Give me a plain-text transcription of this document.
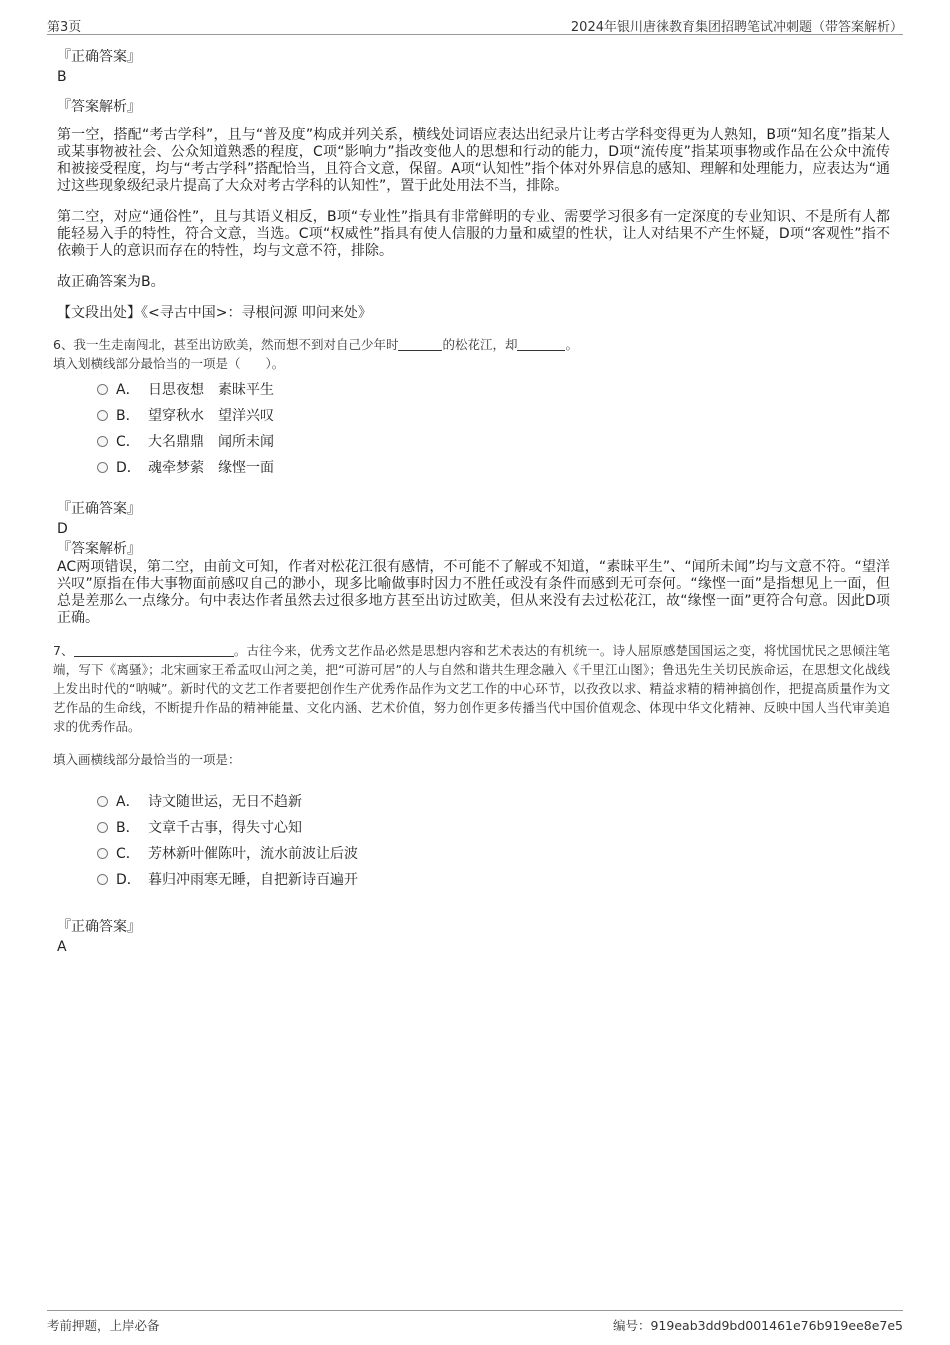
第3页	2024年银川唐徕教育集团招聘笔试冲刺题（带答案解析）

『正确答案』

B

『答案解析』

第一空，搭配“考古学科”，且与“普及度”构成并列关系，横线处词语应表达出纪录片让考古学科变得更为人熟知，B项“知名度”指某人或某事物被社会、公众知道熟悉的程度，C项“影响力”指改变他人的思想和行动的能力，D项“流传度”指某项事物或作品在公众中流传和被接受程度，均与“考古学科”搭配恰当，且符合文意，保留。A项“认知性”指个体对外界信息的感知、理解和处理能力，应表达为“通过这些现象级纪录片提高了大众对考古学科的认知性”，置于此处用法不当，排除。

第二空，对应“通俗性”，且与其语义相反，B项“专业性”指具有非常鲜明的专业、需要学习很多有一定深度的专业知识、不是所有人都能轻易入手的特性，符合文意，当选。C项“权威性”指具有使人信服的力量和威望的性状，让人对结果不产生怀疑，D项“客观性”指不依赖于人的意识而存在的特性，均与文意不符，排除。

故正确答案为B。

【文段出处】《<寻古中国>：寻根问源 叩问来处》

6、我一生走南闯北，甚至出访欧美，然而想不到对自己少年时	的松花江，却	。

填入划横线部分最恰当的一项是（　　）。

A． 日思夜想　素昧平生
B． 望穿秋水　望洋兴叹
C． 大名鼎鼎　闻所未闻
D． 魂牵梦萦　缘悭一面

『正确答案』

D

『答案解析』

AC两项错误，第二空，由前文可知，作者对松花江很有感情，不可能不了解或不知道，“素昧平生”、“闻所未闻”均与文意不符。“望洋兴叹”原指在伟大事物面前感叹自己的渺小，现多比喻做事时因力不胜任或没有条件而感到无可奈何。“缘悭一面”是指想见上一面，但总是差那么一点缘分。句中表达作者虽然去过很多地方甚至出访过欧美，但从来没有去过松花江，故“缘悭一面”更符合句意。因此D项正确。

7、	。古往今来，优秀文艺作品必然是思想内容和艺术表达的有机统一。诗人屈原感楚国国运之变，将忧国忧民之思倾注笔端，写下《离骚》；北宋画家王希孟叹山河之美，把“可游可居”的人与自然和谐共生理念融入《千里江山图》；鲁迅先生关切民族命运，在思想文化战线上发出时代的“呐喊”。新时代的文艺工作者要把创作生产优秀作品作为文艺工作的中心环节，以孜孜以求、精益求精的精神搞创作，把提高质量作为文艺作品的生命线，不断提升作品的精神能量、文化内涵、艺术价值，努力创作更多传播当代中国价值观念、体现中华文化精神、反映中国人当代审美追求的优秀作品。

填入画横线部分最恰当的一项是：

A． 诗文随世运，无日不趋新
B． 文章千古事，得失寸心知
C． 芳林新叶催陈叶，流水前波让后波
D． 暮归冲雨寒无睡，自把新诗百遍开

『正确答案』

A

考前押题，上岸必备	编号：919eab3dd9bd001461e76b919ee8e7e5
